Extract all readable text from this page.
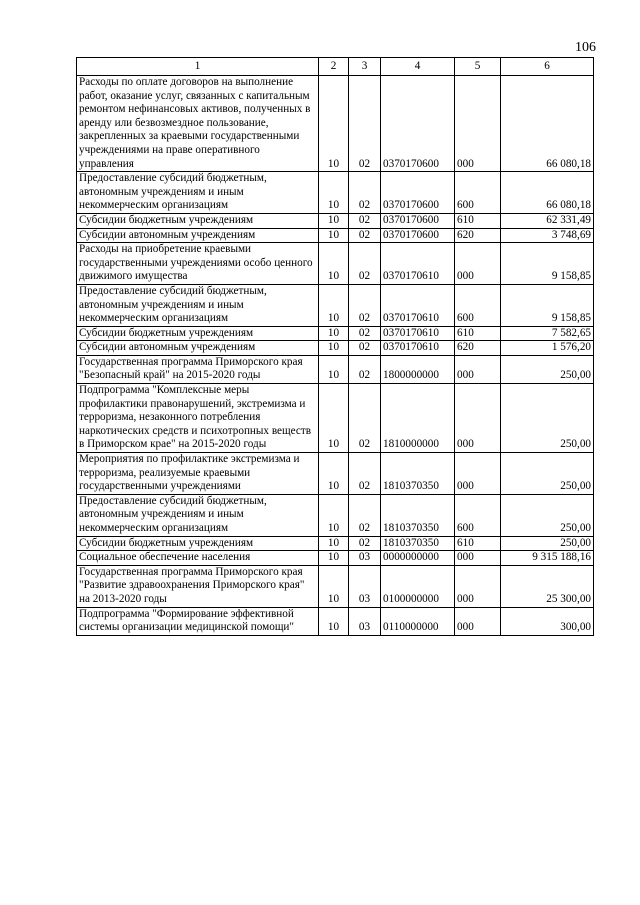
106
1	2	3	4	5	6
Расходы по оплате договоров на выполнение работ, оказание услуг, связанных с капитальным ремонтом нефинансовых активов, полученных в аренду или безвозмездное пользование, закрепленных за краевыми государственными учреждениями на праве оперативного управления	10	02	0370170600	000	66 080,18
Предоставление субсидий бюджетным, автономным учреждениям и иным некоммерческим организациям	10	02	0370170600	600	66 080,18
Субсидии бюджетным учреждениям	10	02	0370170600	610	62 331,49
Субсидии автономным учреждениям	10	02	0370170600	620	3 748,69
Расходы на приобретение краевыми государственными учреждениями особо ценного движимого имущества	10	02	0370170610	000	9 158,85
Предоставление субсидий бюджетным, автономным учреждениям и иным некоммерческим организациям	10	02	0370170610	600	9 158,85
Субсидии бюджетным учреждениям	10	02	0370170610	610	7 582,65
Субсидии автономным учреждениям	10	02	0370170610	620	1 576,20
Государственная программа Приморского края "Безопасный край" на 2015-2020 годы	10	02	1800000000	000	250,00
Подпрограмма "Комплексные меры профилактики правонарушений, экстремизма и терроризма, незаконного потребления наркотических средств и психотропных веществ в Приморском крае" на 2015-2020 годы	10	02	1810000000	000	250,00
Мероприятия по профилактике экстремизма и терроризма, реализуемые краевыми государственными учреждениями	10	02	1810370350	000	250,00
Предоставление субсидий бюджетным, автономным учреждениям и иным некоммерческим организациям	10	02	1810370350	600	250,00
Субсидии бюджетным учреждениям	10	02	1810370350	610	250,00
Социальное обеспечение населения	10	03	0000000000	000	9 315 188,16
Государственная программа Приморского края "Развитие здравоохранения Приморского края" на 2013-2020 годы	10	03	0100000000	000	25 300,00
Подпрограмма "Формирование эффективной системы организации медицинской помощи"	10	03	0110000000	000	300,00
